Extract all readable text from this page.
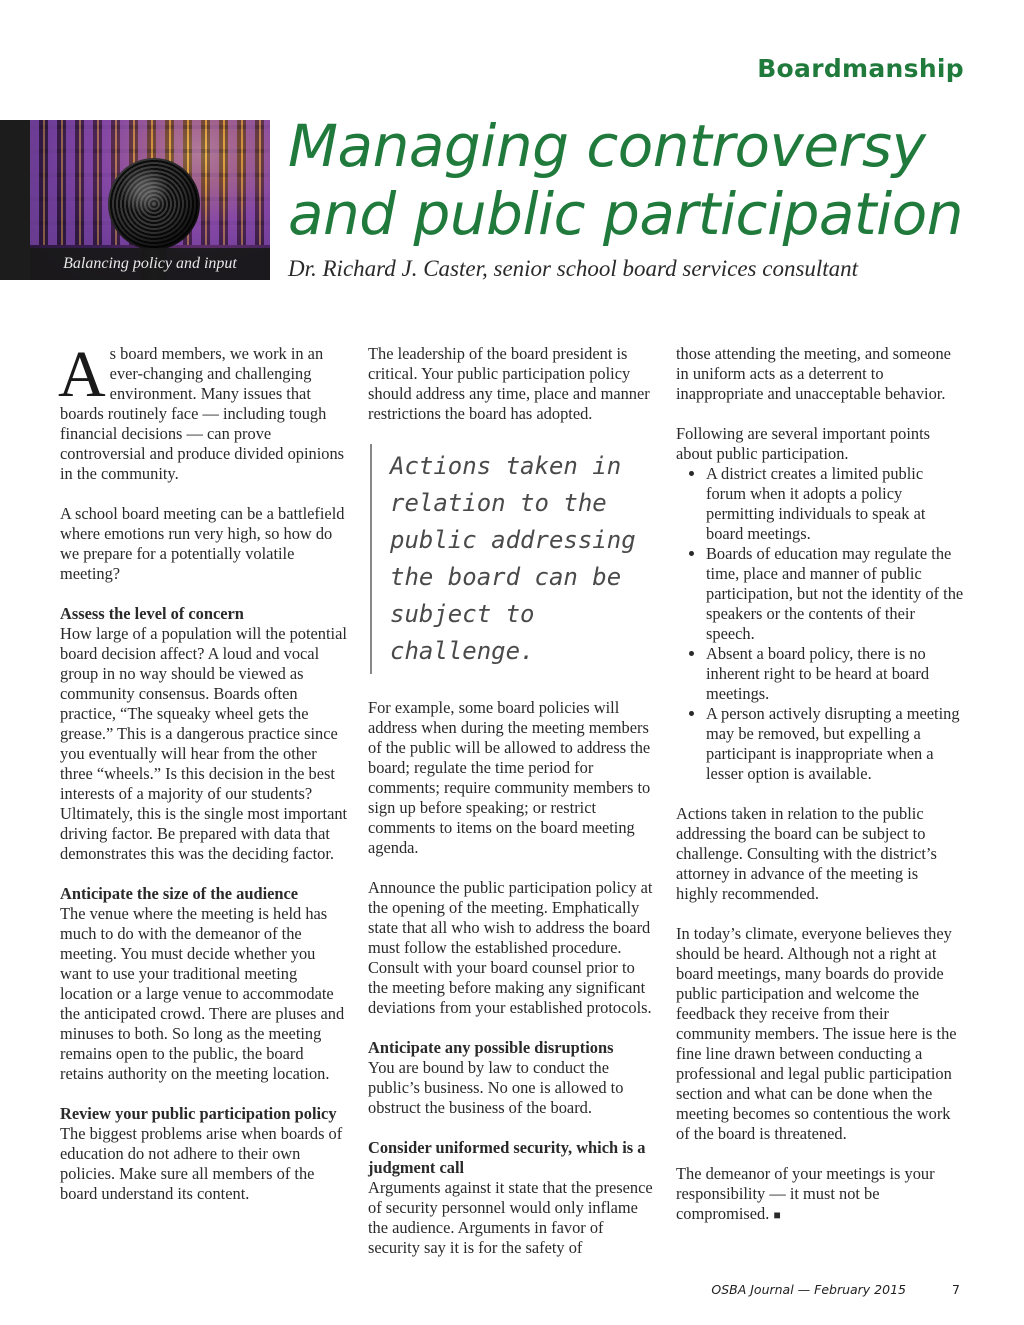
Boardmanship
Balancing policy and input
Managing controversy
and public participation

Dr. Richard J. Caster, senior school board services consultant

As board members, we work in an ever-changing and challenging environment. Many issues that boards routinely face — including tough financial decisions — can prove controversial and produce divided opinions in the community.

A school board meeting can be a battlefield where emotions run very high, so how do we prepare for a potentially volatile meeting?

Assess the level of concern

How large of a population will the potential board decision affect? A loud and vocal group in no way should be viewed as community consensus. Boards often practice, “The squeaky wheel gets the grease.” This is a dangerous practice since you eventually will hear from the other three “wheels.” Is this decision in the best interests of a majority of our students? Ultimately, this is the single most important driving factor. Be prepared with data that demonstrates this was the deciding factor.

Anticipate the size of the audience

The venue where the meeting is held has much to do with the demeanor of the meeting. You must decide whether you want to use your traditional meeting location or a large venue to accommodate the anticipated crowd. There are pluses and minuses to both. So long as the meeting remains open to the public, the board retains authority on the meeting location.

Review your public participation policy

The biggest problems arise when boards of education do not adhere to their own policies. Make sure all members of the board understand its content.

The leadership of the board president is critical. Your public participation policy should address any time, place and manner restrictions the board has adopted.

Actions taken in relation to the public addressing the board can be subject to challenge.

For example, some board policies will address when during the meeting members of the public will be allowed to address the board; regulate the time period for comments; require community members to sign up before speaking; or restrict comments to items on the board meeting agenda.

Announce the public participation policy at the opening of the meeting. Emphatically state that all who wish to address the board must follow the established procedure. Consult with your board counsel prior to the meeting before making any significant deviations from your established protocols.

Anticipate any possible disruptions

You are bound by law to conduct the public’s business. No one is allowed to obstruct the business of the board.

Consider uniformed security, which is a judgment call

Arguments against it state that the presence of security personnel would only inflame the audience. Arguments in favor of security say it is for the safety of

those attending the meeting, and someone in uniform acts as a deterrent to inappropriate and unacceptable behavior.

Following are several important points about public participation.

• A district creates a limited public forum when it adopts a policy permitting individuals to speak at board meetings.
• Boards of education may regulate the time, place and manner of public participation, but not the identity of the speakers or the contents of their speech.
• Absent a board policy, there is no inherent right to be heard at board meetings.
• A person actively disrupting a meeting may be removed, but expelling a participant is inappropriate when a lesser option is available.

Actions taken in relation to the public addressing the board can be subject to challenge. Consulting with the district’s attorney in advance of the meeting is highly recommended.

In today’s climate, everyone believes they should be heard. Although not a right at board meetings, many boards do provide public participation and welcome the feedback they receive from their community members. The issue here is the fine line drawn between conducting a professional and legal public participation section and what can be done when the meeting becomes so contentious the work of the board is threatened.

The demeanor of your meetings is your responsibility — it must not be compromised. ■

OSBA Journal — February 2015	7
